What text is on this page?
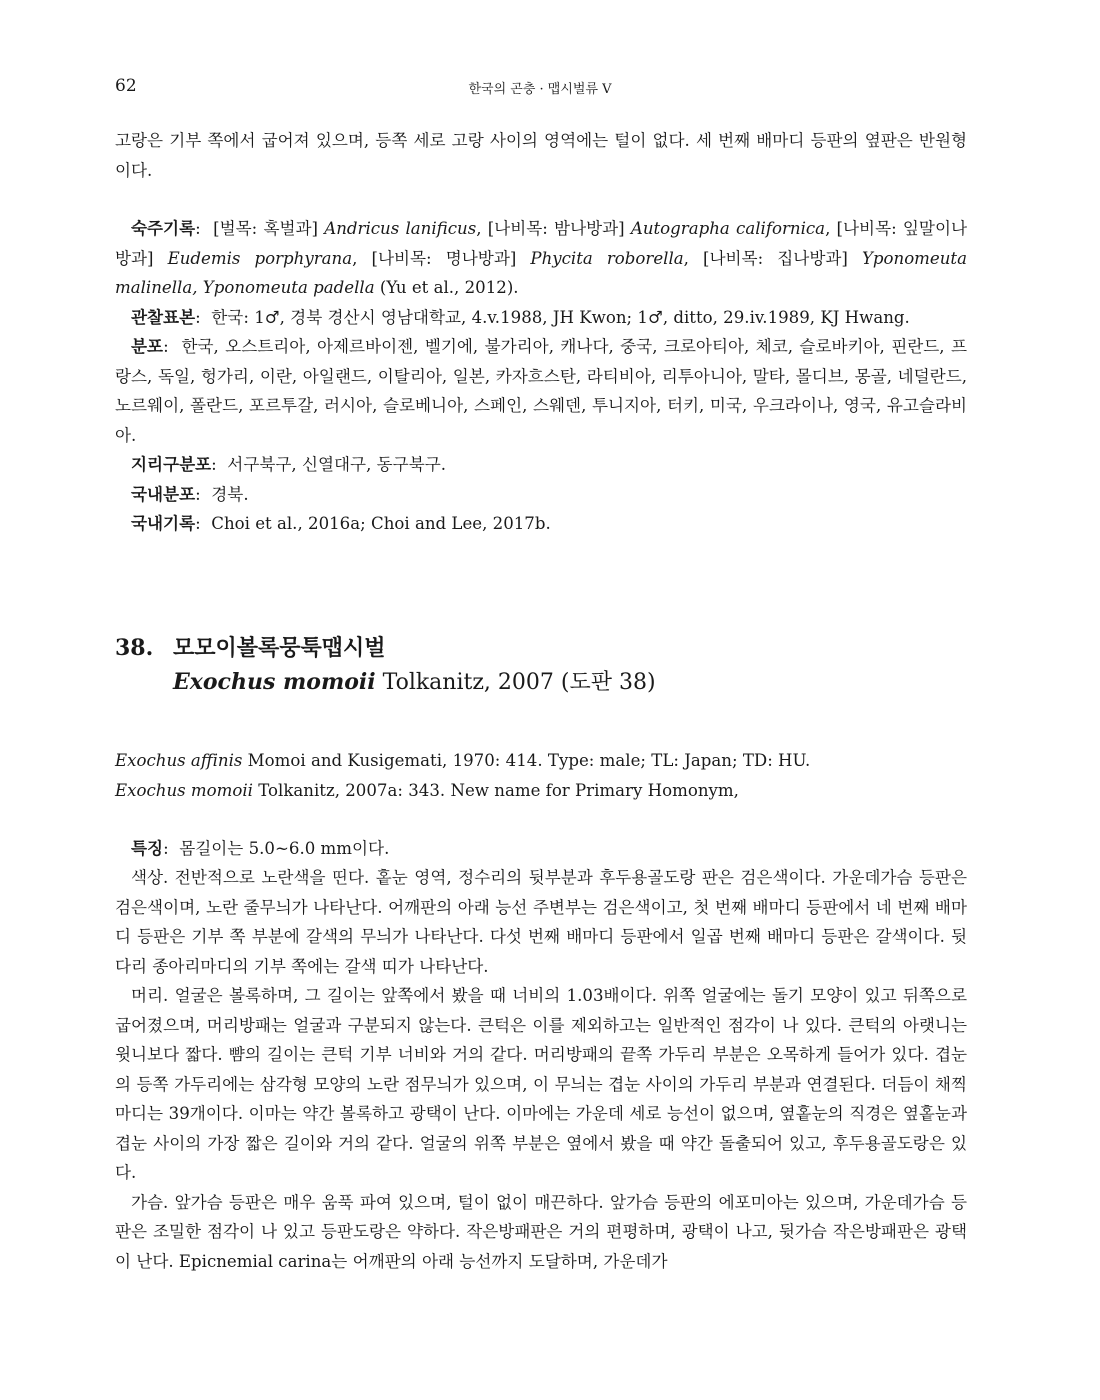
62	한국의 곤충 · 맵시벌류 V

고랑은 기부 쪽에서 굽어져 있으며, 등쪽 세로 고랑 사이의 영역에는 털이 없다. 세 번째 배마디 등판의 옆판은 반원형이다.

숙주기록:  [벌목: 혹벌과] Andricus lanificus, [나비목: 밤나방과] Autographa californica, [나비목: 잎말이나방과] Eudemis porphyrana, [나비목: 명나방과] Phycita roborella, [나비목: 집나방과] Yponomeuta malinella, Yponomeuta padella (Yu et al., 2012).

관찰표본:  한국: 1♂, 경북 경산시 영남대학교, 4.v.1988, JH Kwon; 1♂, ditto, 29.iv.1989, KJ Hwang.

분포:  한국, 오스트리아, 아제르바이젠, 벨기에, 불가리아, 캐나다, 중국, 크로아티아, 체코, 슬로바키아, 핀란드, 프랑스, 독일, 헝가리, 이란, 아일랜드, 이탈리아, 일본, 카자흐스탄, 라티비아, 리투아니아, 말타, 몰디브, 몽골, 네덜란드, 노르웨이, 폴란드, 포르투갈, 러시아, 슬로베니아, 스페인, 스웨덴, 투니지아, 터키, 미국, 우크라이나, 영국, 유고슬라비아.

지리구분포:  서구북구, 신열대구, 동구북구.

국내분포:  경북.

국내기록:  Choi et al., 2016a; Choi and Lee, 2017b.

38. 모모이볼록뭉툭맵시벌
Exochus momoii Tolkanitz, 2007 (도판 38)
Exochus affinis Momoi and Kusigemati, 1970: 414. Type: male; TL: Japan; TD: HU.
Exochus momoii Tolkanitz, 2007a: 343. New name for Primary Homonym,

특징:  몸길이는 5.0~6.0 mm이다.

색상. 전반적으로 노란색을 띤다. 홑눈 영역, 정수리의 뒷부분과 후두용골도랑 판은 검은색이다. 가운데가슴 등판은 검은색이며, 노란 줄무늬가 나타난다. 어깨판의 아래 능선 주변부는 검은색이고, 첫 번째 배마디 등판에서 네 번째 배마디 등판은 기부 쪽 부분에 갈색의 무늬가 나타난다. 다섯 번째 배마디 등판에서 일곱 번째 배마디 등판은 갈색이다. 뒷다리 종아리마디의 기부 쪽에는 갈색 띠가 나타난다.

머리. 얼굴은 볼록하며, 그 길이는 앞쪽에서 봤을 때 너비의 1.03배이다. 위쪽 얼굴에는 돌기 모양이 있고 뒤쪽으로 굽어졌으며, 머리방패는 얼굴과 구분되지 않는다. 큰턱은 이를 제외하고는 일반적인 점각이 나 있다. 큰턱의 아랫니는 윗니보다 짧다. 뺨의 길이는 큰턱 기부 너비와 거의 같다. 머리방패의 끝쪽 가두리 부분은 오목하게 들어가 있다. 겹눈의 등쪽 가두리에는 삼각형 모양의 노란 점무늬가 있으며, 이 무늬는 겹눈 사이의 가두리 부분과 연결된다. 더듬이 채찍마디는 39개이다. 이마는 약간 볼록하고 광택이 난다. 이마에는 가운데 세로 능선이 없으며, 옆홑눈의 직경은 옆홑눈과 겹눈 사이의 가장 짧은 길이와 거의 같다. 얼굴의 위쪽 부분은 옆에서 봤을 때 약간 돌출되어 있고, 후두용골도랑은 있다.

가슴. 앞가슴 등판은 매우 움푹 파여 있으며, 털이 없이 매끈하다. 앞가슴 등판의 에포미아는 있으며, 가운데가슴 등판은 조밀한 점각이 나 있고 등판도랑은 약하다. 작은방패판은 거의 편평하며, 광택이 나고, 뒷가슴 작은방패판은 광택이 난다. Epicnemial carina는 어깨판의 아래 능선까지 도달하며, 가운데가
